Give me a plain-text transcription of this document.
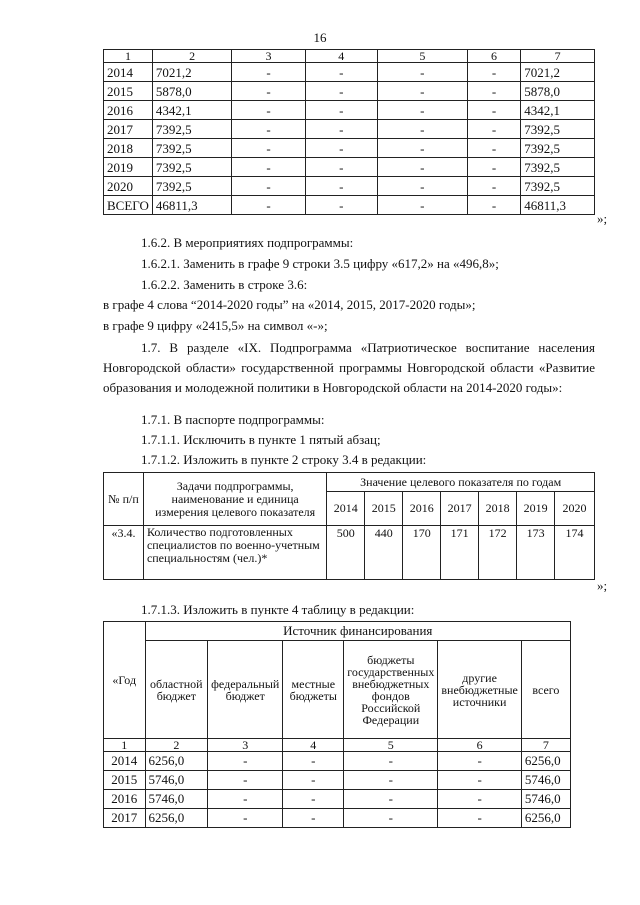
16
1	2	3	4	5	6	7
2014	7021,2	-	-	-	-	7021,2
2015	5878,0	-	-	-	-	5878,0
2016	4342,1	-	-	-	-	4342,1
2017	7392,5	-	-	-	-	7392,5
2018	7392,5	-	-	-	-	7392,5
2019	7392,5	-	-	-	-	7392,5
2020	7392,5	-	-	-	-	7392,5
ВСЕГО	46811,3	-	-	-	-	46811,3
»;
1.6.2. В мероприятиях подпрограммы:
1.6.2.1. Заменить в графе 9 строки 3.5 цифру «617,2» на «496,8»;
1.6.2.2. Заменить в строке 3.6:
в графе 4 слова “2014-2020 годы” на «2014, 2015, 2017-2020 годы»;
в графе 9 цифру «2415,5» на символ «-»;
1.7. В разделе «IX. Подпрограмма «Патриотическое воспитание населения Новгородской области» государственной программы Новгородской области «Развитие образования и молодежной политики в Новгородской области на 2014-2020 годы»:
1.7.1. В паспорте подпрограммы:
1.7.1.1. Исключить в пункте 1 пятый абзац;
1.7.1.2. Изложить в пункте 2 строку 3.4 в редакции:
№ п/п	Задачи подпрограммы, наименование и единица измерения целевого показателя	Значение целевого показателя по годам						
		2014	2015	2016	2017	2018	2019	2020
«3.4.	Количество подготовленных специалистов по военно-учетным специальностям (чел.)*	500	440	170	171	172	173	174
»;
1.7.1.3. Изложить в пункте 4 таблицу в редакции:
«Год	Источник финансирования					
	областной бюджет	федеральный бюджет	местные бюджеты	бюджеты государственных внебюджетных фондов Российской Федерации	другие внебюджетные источники	всего
1	2	3	4	5	6	7
2014	6256,0	-	-	-	-	6256,0
2015	5746,0	-	-	-	-	5746,0
2016	5746,0	-	-	-	-	5746,0
2017	6256,0	-	-	-	-	6256,0
